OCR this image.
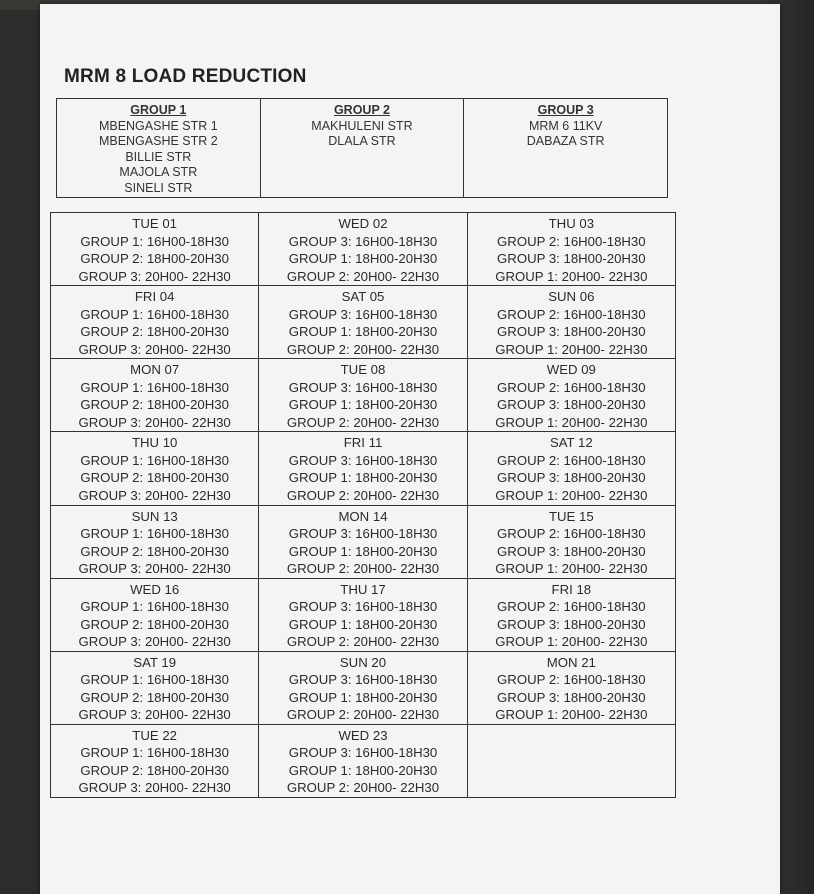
MRM 8 LOAD REDUCTION
GROUP 1
MBENGASHE STR 1
MBENGASHE STR 2
BILLIE STR
MAJOLA STR
SINELI STR	GROUP 2
MAKHULENI STR
DLALA STR	GROUP 3
MRM 6 11KV
DABAZA STR
TUE 01
GROUP 1: 16H00-18H30
GROUP 2: 18H00-20H30
GROUP 3: 20H00- 22H30	WED 02
GROUP 3: 16H00-18H30
GROUP 1: 18H00-20H30
GROUP 2: 20H00- 22H30	THU 03
GROUP 2: 16H00-18H30
GROUP 3: 18H00-20H30
GROUP 1: 20H00- 22H30

FRI 04
GROUP 1: 16H00-18H30
GROUP 2: 18H00-20H30
GROUP 3: 20H00- 22H30	SAT 05
GROUP 3: 16H00-18H30
GROUP 1: 18H00-20H30
GROUP 2: 20H00- 22H30	SUN 06
GROUP 2: 16H00-18H30
GROUP 3: 18H00-20H30
GROUP 1: 20H00- 22H30

MON 07
GROUP 1: 16H00-18H30
GROUP 2: 18H00-20H30
GROUP 3: 20H00- 22H30	TUE 08
GROUP 3: 16H00-18H30
GROUP 1: 18H00-20H30
GROUP 2: 20H00- 22H30	WED 09
GROUP 2: 16H00-18H30
GROUP 3: 18H00-20H30
GROUP 1: 20H00- 22H30

THU 10
GROUP 1: 16H00-18H30
GROUP 2: 18H00-20H30
GROUP 3: 20H00- 22H30	FRI 11
GROUP 3: 16H00-18H30
GROUP 1: 18H00-20H30
GROUP 2: 20H00- 22H30	SAT 12
GROUP 2: 16H00-18H30
GROUP 3: 18H00-20H30
GROUP 1: 20H00- 22H30

SUN 13
GROUP 1: 16H00-18H30
GROUP 2: 18H00-20H30
GROUP 3: 20H00- 22H30	MON 14
GROUP 3: 16H00-18H30
GROUP 1: 18H00-20H30
GROUP 2: 20H00- 22H30	TUE 15
GROUP 2: 16H00-18H30
GROUP 3: 18H00-20H30
GROUP 1: 20H00- 22H30

WED 16
GROUP 1: 16H00-18H30
GROUP 2: 18H00-20H30
GROUP 3: 20H00- 22H30	THU 17
GROUP 3: 16H00-18H30
GROUP 1: 18H00-20H30
GROUP 2: 20H00- 22H30	FRI 18
GROUP 2: 16H00-18H30
GROUP 3: 18H00-20H30
GROUP 1: 20H00- 22H30

SAT 19
GROUP 1: 16H00-18H30
GROUP 2: 18H00-20H30
GROUP 3: 20H00- 22H30	SUN 20
GROUP 3: 16H00-18H30
GROUP 1: 18H00-20H30
GROUP 2: 20H00- 22H30	MON 21
GROUP 2: 16H00-18H30
GROUP 3: 18H00-20H30
GROUP 1: 20H00- 22H30

TUE 22
GROUP 1: 16H00-18H30
GROUP 2: 18H00-20H30
GROUP 3: 20H00- 22H30	WED 23
GROUP 3: 16H00-18H30
GROUP 1: 18H00-20H30
GROUP 2: 20H00- 22H30	
